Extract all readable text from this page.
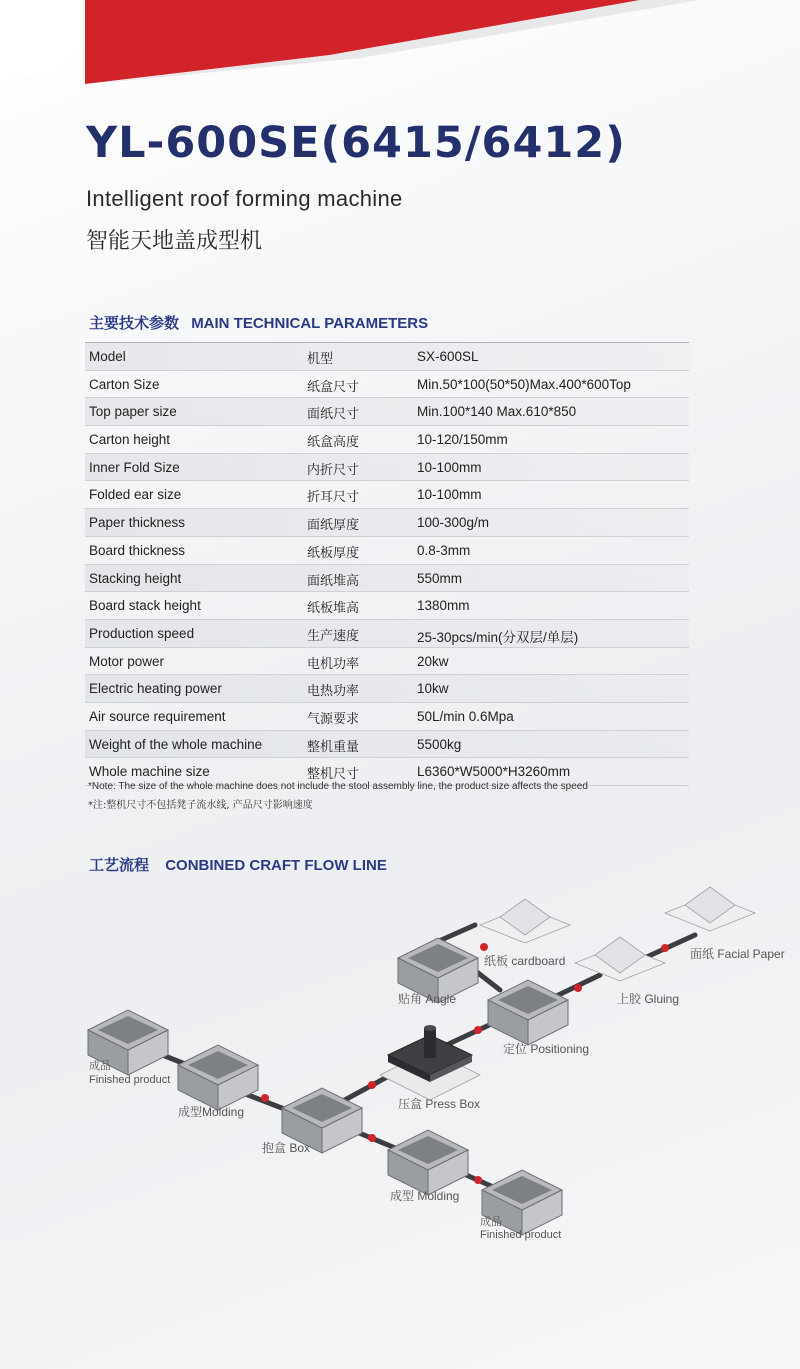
YL-600SE(6415/6412)
Intelligent roof forming machine
智能天地盖成型机
主要技术参数 MAIN TECHNICAL PARAMETERS
Model	机型	SX-600SL
Carton Size	纸盒尺寸	Min.50*100(50*50)Max.400*600Top
Top paper size	面纸尺寸	Min.100*140 Max.610*850
Carton height	纸盒高度	10-120/150mm
Inner Fold Size	内折尺寸	10-100mm
Folded ear size	折耳尺寸	10-100mm
Paper thickness	面纸厚度	100-300g/m
Board thickness	纸板厚度	0.8-3mm
Stacking height	面纸堆高	550mm
Board stack height	纸板堆高	1380mm
Production speed	生产速度	25-30pcs/min(分双层/单层)
Motor power	电机功率	20kw
Electric heating power	电热功率	10kw
Air source requirement	气源要求	50L/min 0.6Mpa
Weight of the whole machine	整机重量	5500kg
Whole machine size	整机尺寸	L6360*W5000*H3260mm
*Note: The size of the whole machine does not include the stool assembly line, the product size affects the speed
*注:整机尺寸不包括凳子流水线, 产品尺寸影响速度
工艺流程 CONBINED CRAFT FLOW LINE
面纸 Facial Paper
纸板 cardboard
贴角 Angle	上胶 Gluing
定位 Positioning
压盒 Press Box
成品
Finished product
成型Molding
抱盒 Box
成型 Molding
成品
Finished product
